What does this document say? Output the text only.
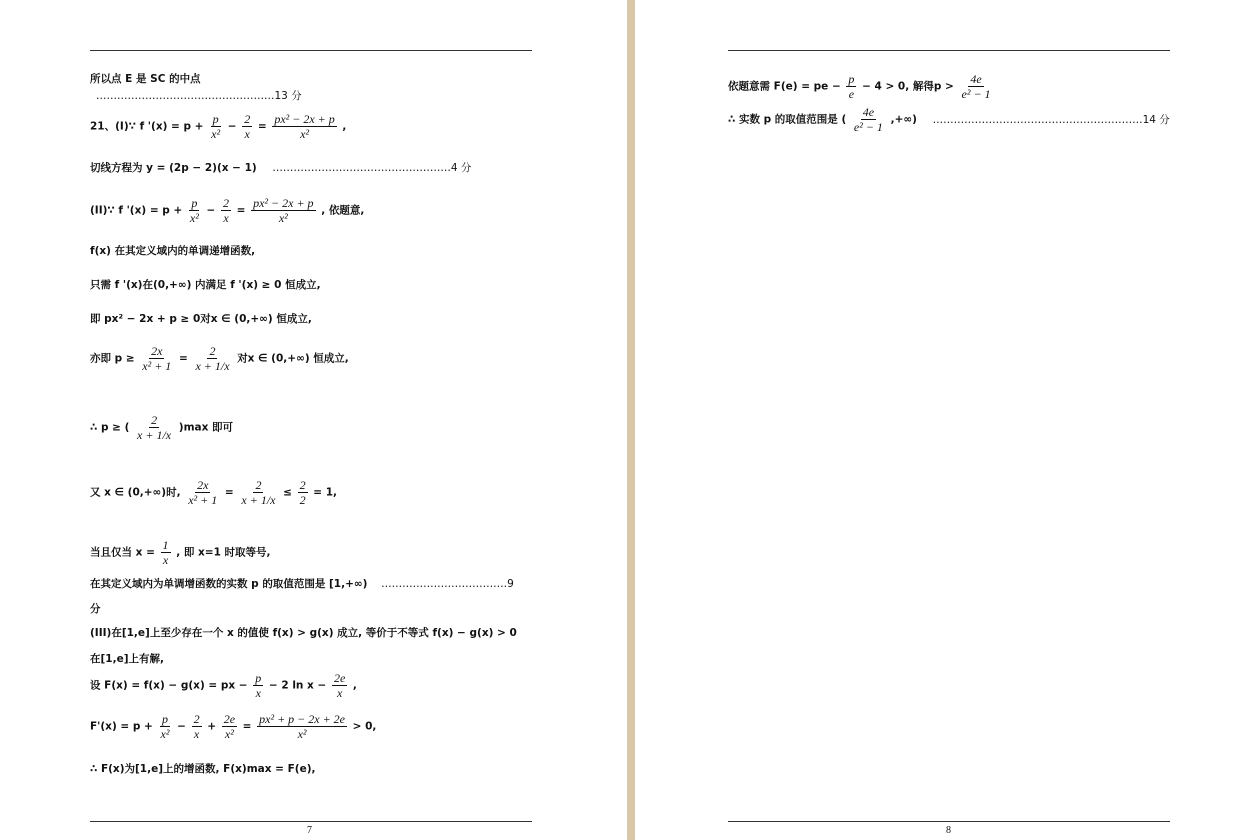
所以点 E 是 SC 的中点
……………………………………………13 分
21、(Ⅰ)∵ f '$(x) = p + \frac{p}{\text{x²}} - \frac{2}{x} = \frac{\text{px² − 2x + p}}{\text{x²}}$ ,
切线方程为 y = (2p − 2)(x − 1) ……………………………………………4 分
(II)∵ f '$(x) = p + \frac{p}{\text{x²}} - \frac{2}{x} = \frac{\text{px² − 2x + p}}{\text{x²}}$ , 依题意,
f(x) 在其定义域内的单调递增函数,
只需 f '(x)在(0,+∞) 内满足 f '(x) ≥ 0 恒成立,
即 px² − 2x + p ≥ 0对x ∈ (0,+∞) 恒成立,
亦即 $p \ge \frac{2x}{\text{x² + 1}} = \frac{2}{x + 1/x}$ 对x ∈ (0,+∞) 恒成立,
∴ p ≥ ( $\frac{2}{x + 1/x} )\max$ 即可
又 x ∈ (0,+∞)时, $\frac{2x}{\text{x² + 1}} = \frac{2}{x + 1/x} \le \frac{2}{2} = 1$,
当且仅当 $x = \frac{1}{x}$ , 即 x=1 时取等号,
在其定义域内为单调增函数的实数 p 的取值范围是 [1,+∞) ………………………………9
分
(III)在[1,e]上至少存在一个 x 的值使 f(x) > g(x) 成立, 等价于不等式 f(x) − g(x) > 0
在[1,e]上有解,
设 F(x) = f(x) − g(x) = px − $\frac{p}{x} - 2$ $\ln x - \frac{2e}{x}$ ,
$F'(x) = p + \frac{p}{\text{x²}} - \frac{2}{x} + \frac{2e}{\text{x²}} = \frac{\text{px² + p − 2x + 2e}}{\text{x²}} > 0$,
∴ F(x)为[1,e]上的增函数, F(x)max = F(e),
7
依题意需 F(e) = pe − $\frac{p}{e} - 4 > 0$, 解得$p > \frac{4e}{\text{e² − 1}}$
∴ 实数 p 的取值范围是 ( $\frac{4e}{\text{e² − 1}}$ ,+∞) ……………………………………………………14 分
8
